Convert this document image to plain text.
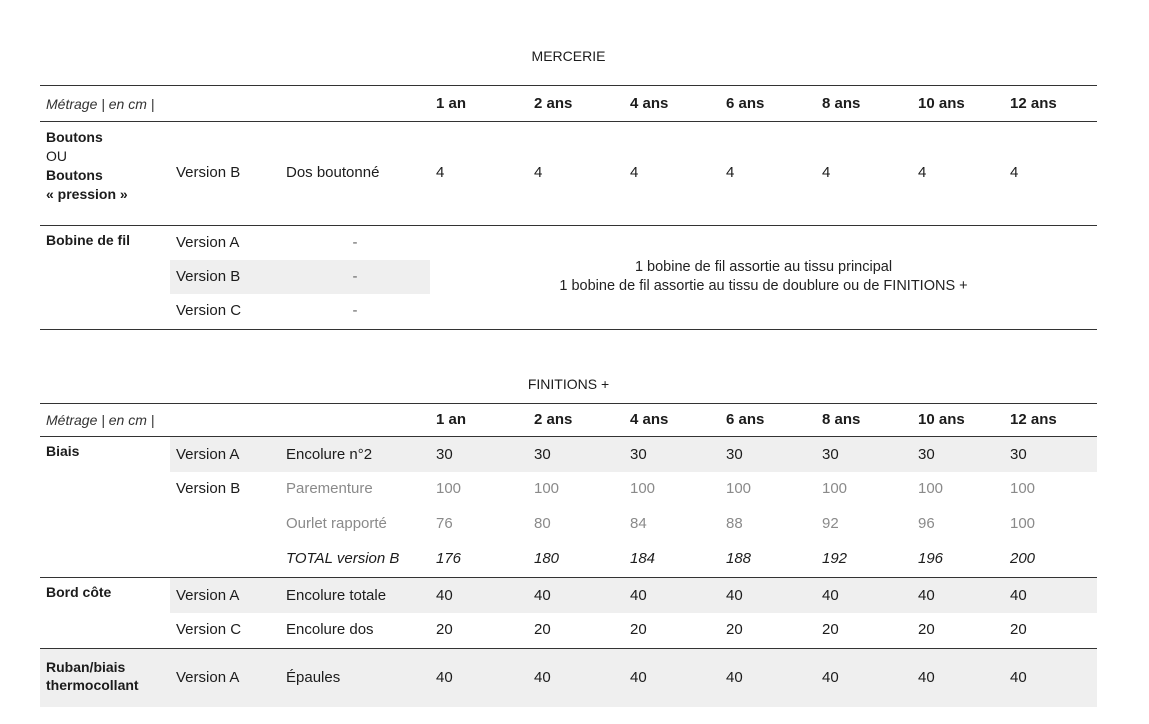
MERCERIE
Métrage | en cm |	1 an	2 ans	4 ans	6 ans	8 ans	10 ans	12 ans
Boutons
OU
Boutons
« pression »
Version B	Dos boutonné	4	4	4	4	4	4	4
Bobine de fil	Version A	-
Version B	-
Version C	-
1 bobine de fil assortie au tissu principal
1 bobine de fil assortie au tissu de doublure ou de FINITIONS +
FINITIONS +
Métrage | en cm |	1 an	2 ans	4 ans	6 ans	8 ans	10 ans	12 ans
Biais	Version A	Encolure n°2	30	30	30	30	30	30	30
Version B	Parementure	100	100	100	100	100	100	100
Ourlet rapporté	76	80	84	88	92	96	100
TOTAL version B	176	180	184	188	192	196	200
Bord côte	Version A	Encolure totale	40	40	40	40	40	40	40
Version C	Encolure dos	20	20	20	20	20	20	20
Ruban/biais
thermocollant	Version A	Épaules	40	40	40	40	40	40	40
